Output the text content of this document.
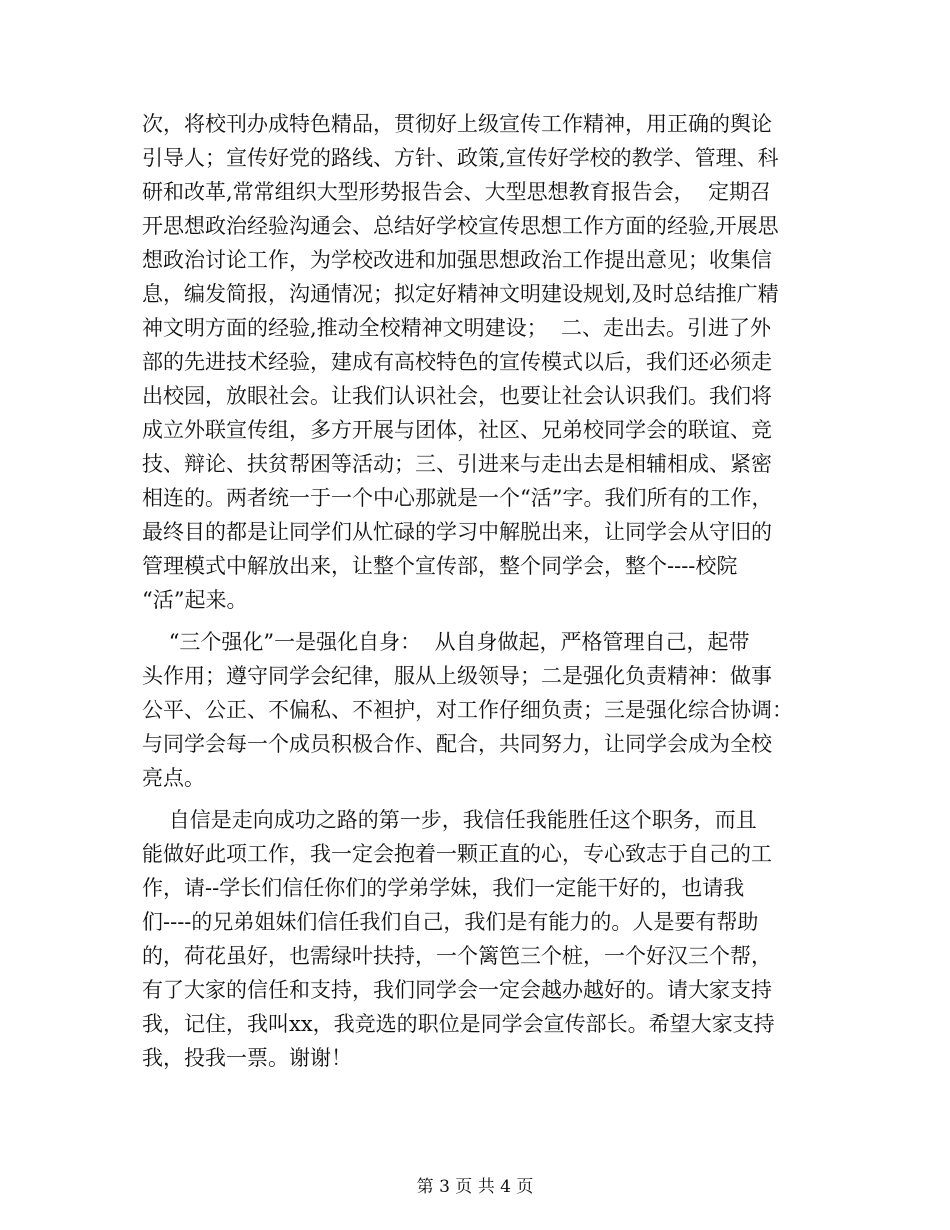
次，将校刊办成特色精品，贯彻好上级宣传工作精神，用正确的舆论
引导人；宣传好党的路线、方针、政策,宣传好学校的教学、管理、科
研和改革,常常组织大型形势报告会、大型思想教育报告会，  定期召
开思想政治经验沟通会、总结好学校宣传思想工作方面的经验,开展思
想政治讨论工作，为学校改进和加强思想政治工作提出意见；收集信
息，编发简报，沟通情况；拟定好精神文明建设规划,及时总结推广精
神文明方面的经验,推动全校精神文明建设；  二、走出去。引进了外
部的先进技术经验，建成有高校特色的宣传模式以后，我们还必须走
出校园，放眼社会。让我们认识社会，也要让社会认识我们。我们将
成立外联宣传组，多方开展与团体，社区、兄弟校同学会的联谊、竞
技、辩论、扶贫帮困等活动；三、引进来与走出去是相辅相成、紧密
相连的。两者统一于一个中心那就是一个“活”字。我们所有的工作，
最终目的都是让同学们从忙碌的学习中解脱出来，让同学会从守旧的
管理模式中解放出来，让整个宣传部，整个同学会，整个----校院
“活”起来。
“三个强化”一是强化自身：  从自身做起，严格管理自己，起带
头作用；遵守同学会纪律，服从上级领导；二是强化负责精神：做事
公平、公正、不偏私、不袒护，对工作仔细负责；三是强化综合协调：
与同学会每一个成员积极合作、配合，共同努力，让同学会成为全校
亮点。
自信是走向成功之路的第一步，我信任我能胜任这个职务，而且
能做好此项工作，我一定会抱着一颗正直的心，专心致志于自己的工
作，请--学长们信任你们的学弟学妹，我们一定能干好的，也请我
们----的兄弟姐妹们信任我们自己，我们是有能力的。人是要有帮助
的，荷花虽好，也需绿叶扶持，一个篱笆三个桩，一个好汉三个帮，
有了大家的信任和支持，我们同学会一定会越办越好的。请大家支持
我，记住，我叫xx，我竞选的职位是同学会宣传部长。希望大家支持
我，投我一票。谢谢！
第 3 页 共 4 页
